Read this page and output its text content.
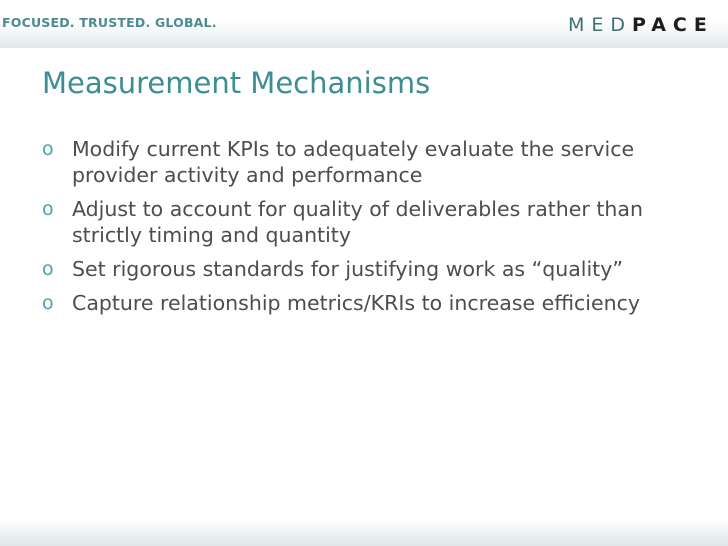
FOCUSED. TRUSTED. GLOBAL.	MED PACE
Measurement Mechanisms
o Modify current KPIs to adequately evaluate the service provider activity and performance
o Adjust to account for quality of deliverables rather than strictly timing and quantity
o Set rigorous standards for justifying work as “quality”
o Capture relationship metrics/KRIs to increase efficiency
